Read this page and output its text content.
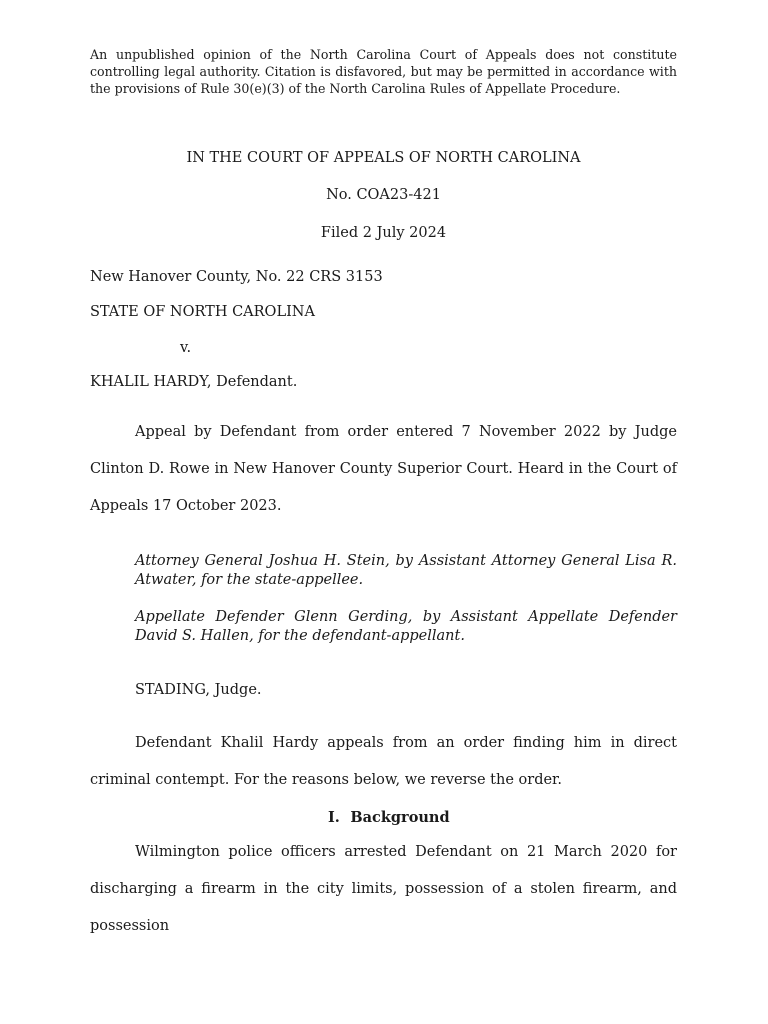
An unpublished opinion of the North Carolina Court of Appeals does not constitute controlling legal authority. Citation is disfavored, but may be permitted in accordance with the provisions of Rule 30(e)(3) of the North Carolina Rules of Appellate Procedure.
IN THE COURT OF APPEALS OF NORTH CAROLINA
No. COA23-421
Filed 2 July 2024
New Hanover County, No. 22 CRS 3153
STATE OF NORTH CAROLINA
v.
KHALIL HARDY, Defendant.
Appeal by Defendant from order entered 7 November 2022 by Judge Clinton D. Rowe in New Hanover County Superior Court. Heard in the Court of Appeals 17 October 2023.
Attorney General Joshua H. Stein, by Assistant Attorney General Lisa R. Atwater, for the state-appellee.
Appellate Defender Glenn Gerding, by Assistant Appellate Defender David S. Hallen, for the defendant-appellant.
STADING, Judge.
Defendant Khalil Hardy appeals from an order finding him in direct criminal contempt. For the reasons below, we reverse the order.
I. Background
Wilmington police officers arrested Defendant on 21 March 2020 for discharging a firearm in the city limits, possession of a stolen firearm, and possession
